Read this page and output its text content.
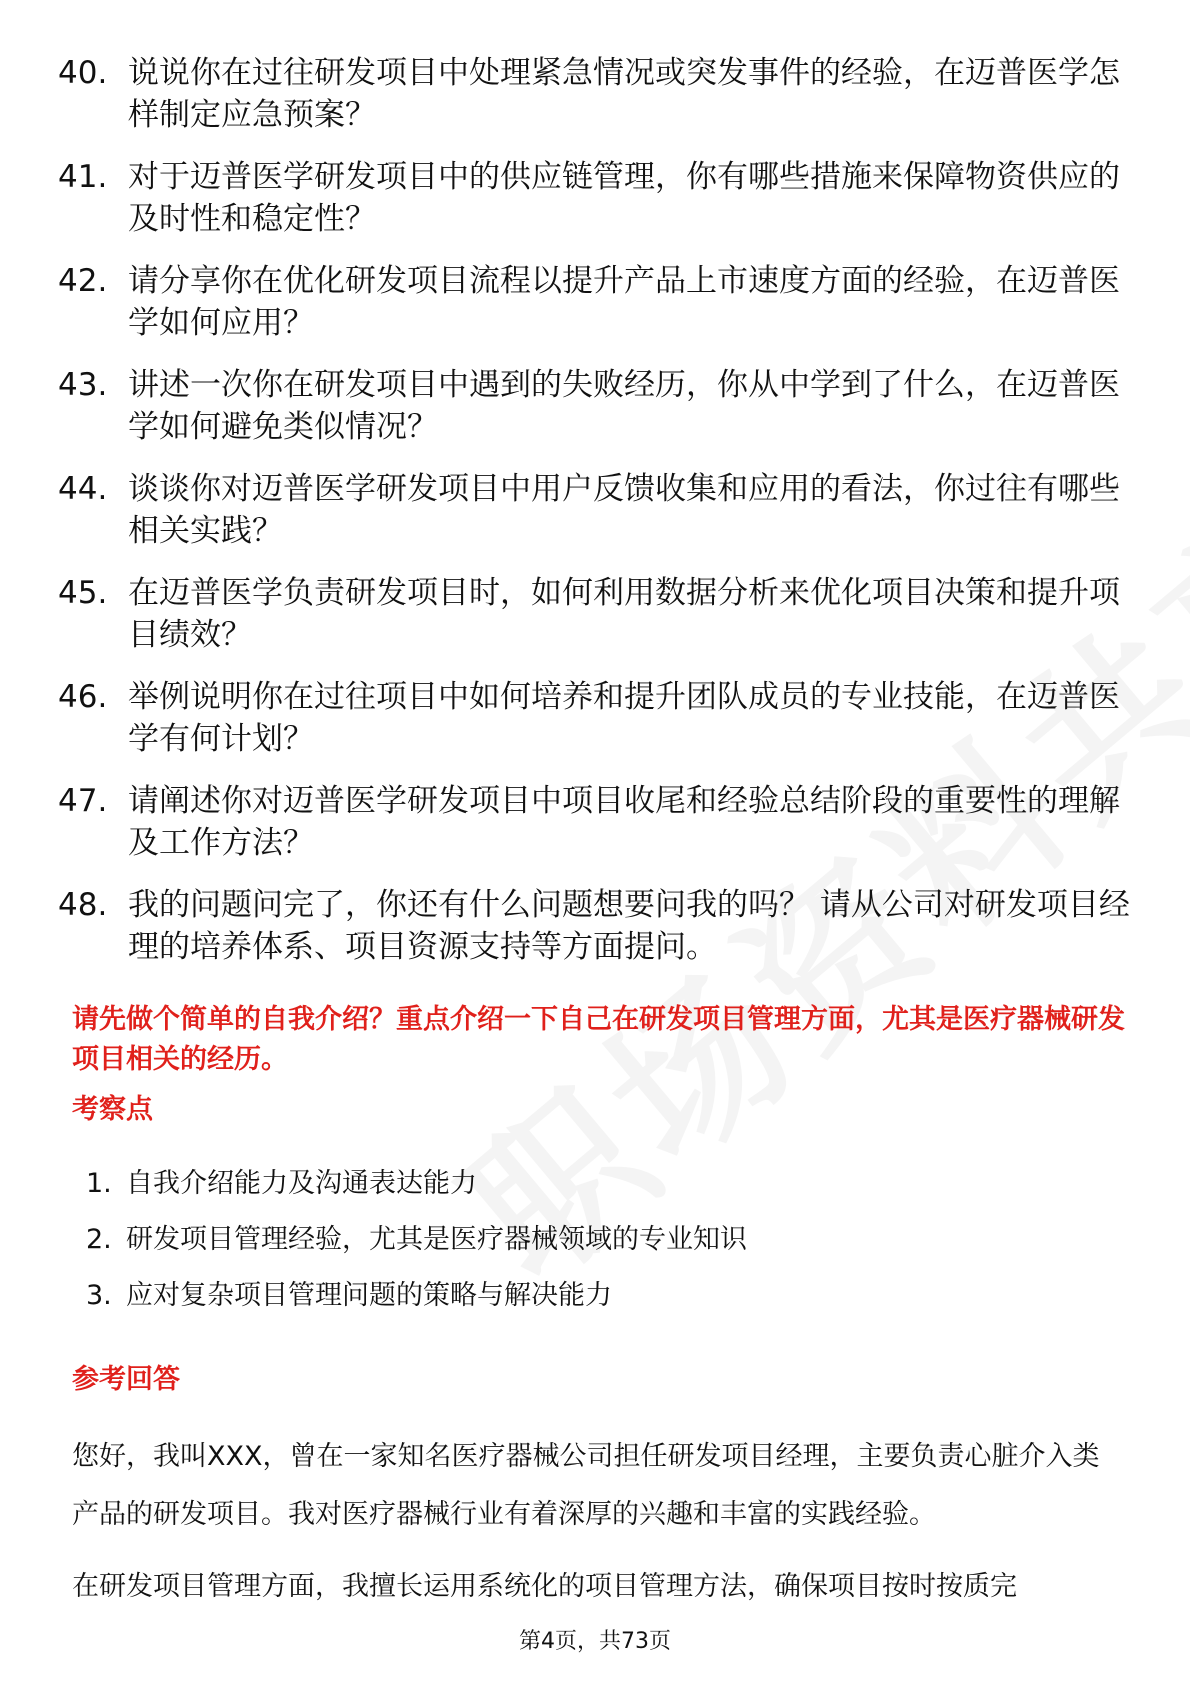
40. 说说你在过往研发项目中处理紧急情况或突发事件的经验，在迈普医学怎样制定应急预案？
41. 对于迈普医学研发项目中的供应链管理，你有哪些措施来保障物资供应的及时性和稳定性？
42. 请分享你在优化研发项目流程以提升产品上市速度方面的经验，在迈普医学如何应用？
43. 讲述一次你在研发项目中遇到的失败经历，你从中学到了什么，在迈普医学如何避免类似情况？
44. 谈谈你对迈普医学研发项目中用户反馈收集和应用的看法，你过往有哪些相关实践？
45. 在迈普医学负责研发项目时，如何利用数据分析来优化项目决策和提升项目绩效？
46. 举例说明你在过往项目中如何培养和提升团队成员的专业技能，在迈普医学有何计划？
47. 请阐述你对迈普医学研发项目中项目收尾和经验总结阶段的重要性的理解及工作方法？
48. 我的问题问完了，你还有什么问题想要问我的吗？ 请从公司对研发项目经理的培养体系、项目资源支持等方面提问。

请先做个简单的自我介绍？重点介绍一下自己在研发项目管理方面，尤其是医疗器械研发项目相关的经历。

考察点
1. 自我介绍能力及沟通表达能力
2. 研发项目管理经验，尤其是医疗器械领域的专业知识
3. 应对复杂项目管理问题的策略与解决能力
参考回答

您好，我叫XXX，曾在一家知名医疗器械公司担任研发项目经理，主要负责心脏介入类产品的研发项目。我对医疗器械行业有着深厚的兴趣和丰富的实践经验。

在研发项目管理方面，我擅长运用系统化的项目管理方法，确保项目按时按质完

第4页，共73页
